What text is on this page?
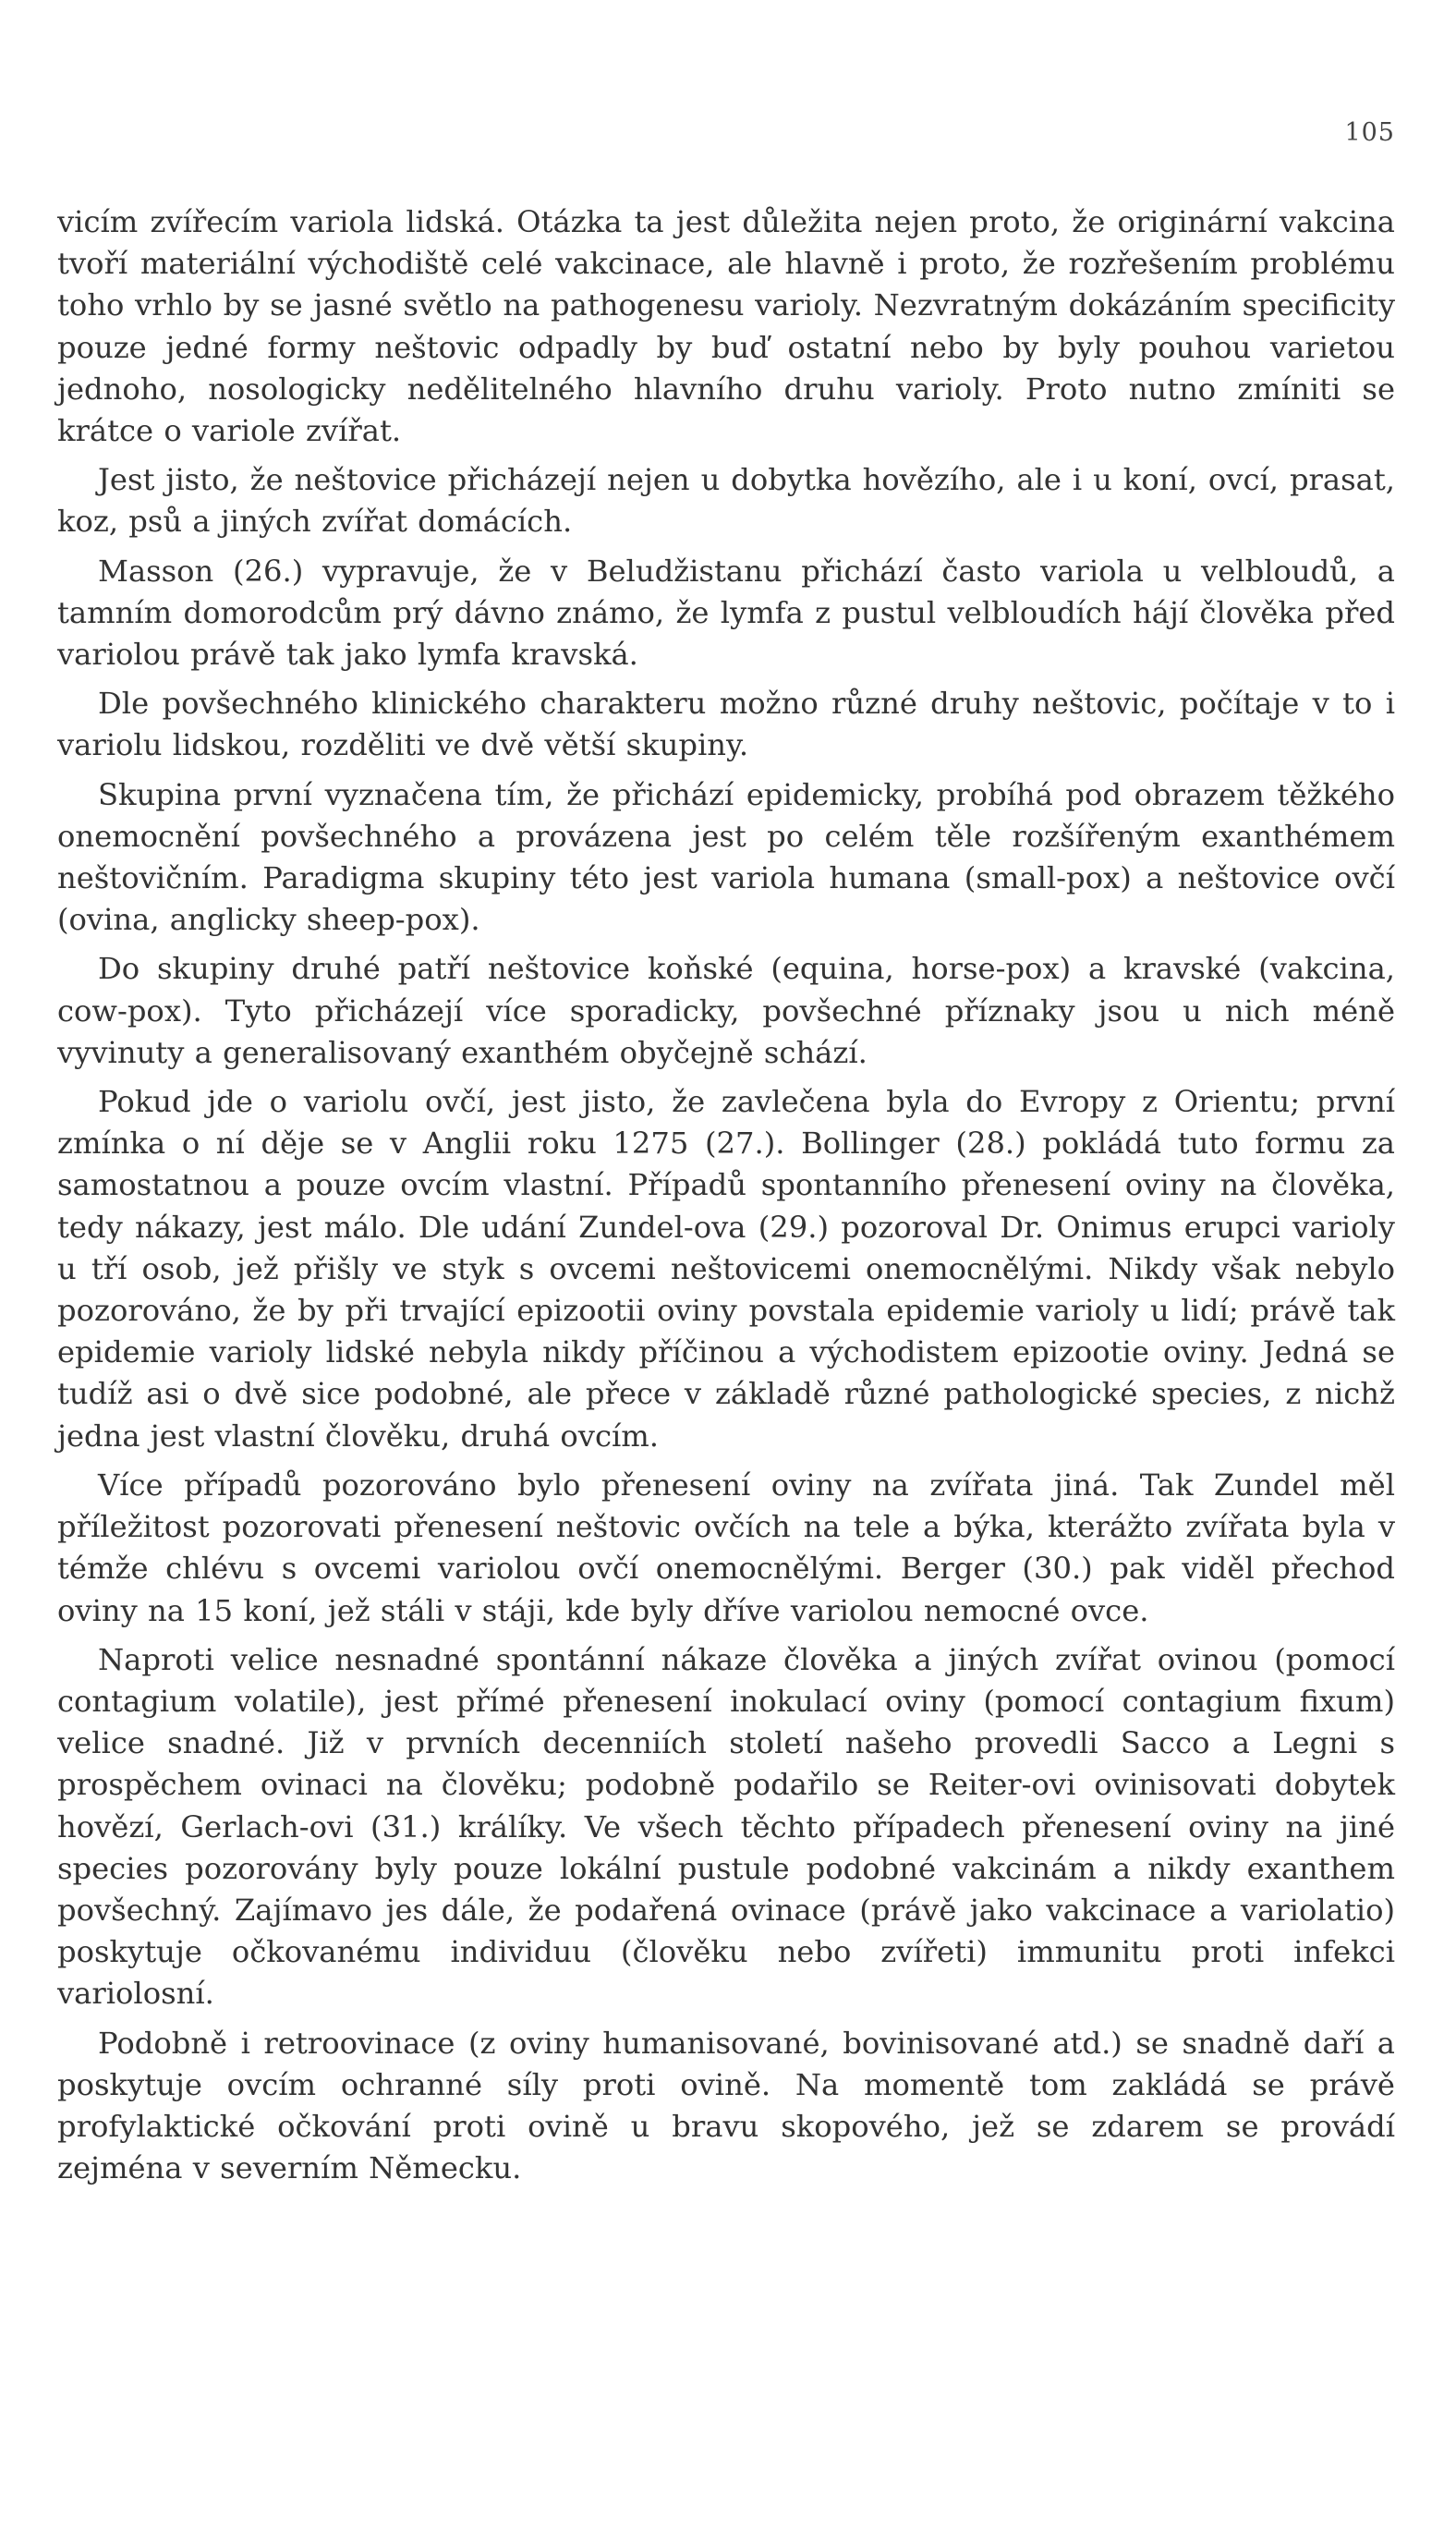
105

vicím zvířecím variola lidská. Otázka ta jest důležita nejen proto, že originární vakcina tvoří materiální východiště celé vakcinace, ale hlavně i proto, že rozřešením problému toho vrhlo by se jasné světlo na pathogenesu varioly. Nezvratným dokázáním specificity pouze jedné formy neštovic odpadly by buď ostatní nebo by byly pouhou varietou jednoho, nosologicky nedělitelného hlavního druhu varioly. Proto nutno zmíniti se krátce o variole zvířat.

Jest jisto, že neštovice přicházejí nejen u dobytka hovězího, ale i u koní, ovcí, prasat, koz, psů a jiných zvířat domácích.

Masson (26.) vypravuje, že v Beludžistanu přichází často variola u velbloudů, a tamním domorodcům prý dávno známo, že lymfa z pustul velbloudích hájí člověka před variolou právě tak jako lymfa kravská.

Dle povšechného klinického charakteru možno různé druhy neštovic, počítaje v to i variolu lidskou, rozděliti ve dvě větší skupiny.

Skupina první vyznačena tím, že přichází epidemicky, probíhá pod obrazem těžkého onemocnění povšechného a provázena jest po celém těle rozšířeným exanthémem neštovičním. Paradigma skupiny této jest variola humana (small-pox) a neštovice ovčí (ovina, anglicky sheep-pox).

Do skupiny druhé patří neštovice koňské (equina, horse-pox) a kravské (vakcina, cow-pox). Tyto přicházejí více sporadicky, povšechné příznaky jsou u nich méně vyvinuty a generalisovaný exanthém obyčejně schází.

Pokud jde o variolu ovčí, jest jisto, že zavlečena byla do Evropy z Orientu; první zmínka o ní děje se v Anglii roku 1275 (27.). Bollinger (28.) pokládá tuto formu za samostatnou a pouze ovcím vlastní. Případů spontanního přenesení oviny na člověka, tedy nákazy, jest málo. Dle udání Zundel-ova (29.) pozoroval Dr. Onimus erupci varioly u tří osob, jež přišly ve styk s ovcemi neštovicemi onemocnělými. Nikdy však nebylo pozorováno, že by při trvající epizootii oviny povstala epidemie varioly u lidí; právě tak epidemie varioly lidské nebyla nikdy příčinou a východistem epizootie oviny. Jedná se tudíž asi o dvě sice podobné, ale přece v základě různé pathologické species, z nichž jedna jest vlastní člověku, druhá ovcím.

Více případů pozorováno bylo přenesení oviny na zvířata jiná. Tak Zundel měl příležitost pozorovati přenesení neštovic ovčích na tele a býka, kterážto zvířata byla v témže chlévu s ovcemi variolou ovčí onemocnělými. Berger (30.) pak viděl přechod oviny na 15 koní, jež stáli v stáji, kde byly dříve variolou nemocné ovce.

Naproti velice nesnadné spontánní nákaze člověka a jiných zvířat ovinou (pomocí contagium volatile), jest přímé přenesení inokulací oviny (pomocí contagium fixum) velice snadné. Již v prvních decenniích století našeho provedli Sacco a Legni s prospěchem ovinaci na člověku; podobně podařilo se Reiter-ovi ovinisovati dobytek hovězí, Gerlach-ovi (31.) králíky. Ve všech těchto případech přenesení oviny na jiné species pozorovány byly pouze lokální pustule podobné vakcinám a nikdy exanthem povšechný. Zajímavo jes dále, že podařená ovinace (právě jako vakcinace a variolatio) poskytuje očkovanému individuu (člověku nebo zvířeti) immunitu proti infekci variolosní.

Podobně i retroovinace (z oviny humanisované, bovinisované atd.) se snadně daří a poskytuje ovcím ochranné síly proti ovině. Na momentě tom zakládá se právě profylaktické očkování proti ovině u bravu skopového, jež se zdarem se provádí zejména v severním Německu.
